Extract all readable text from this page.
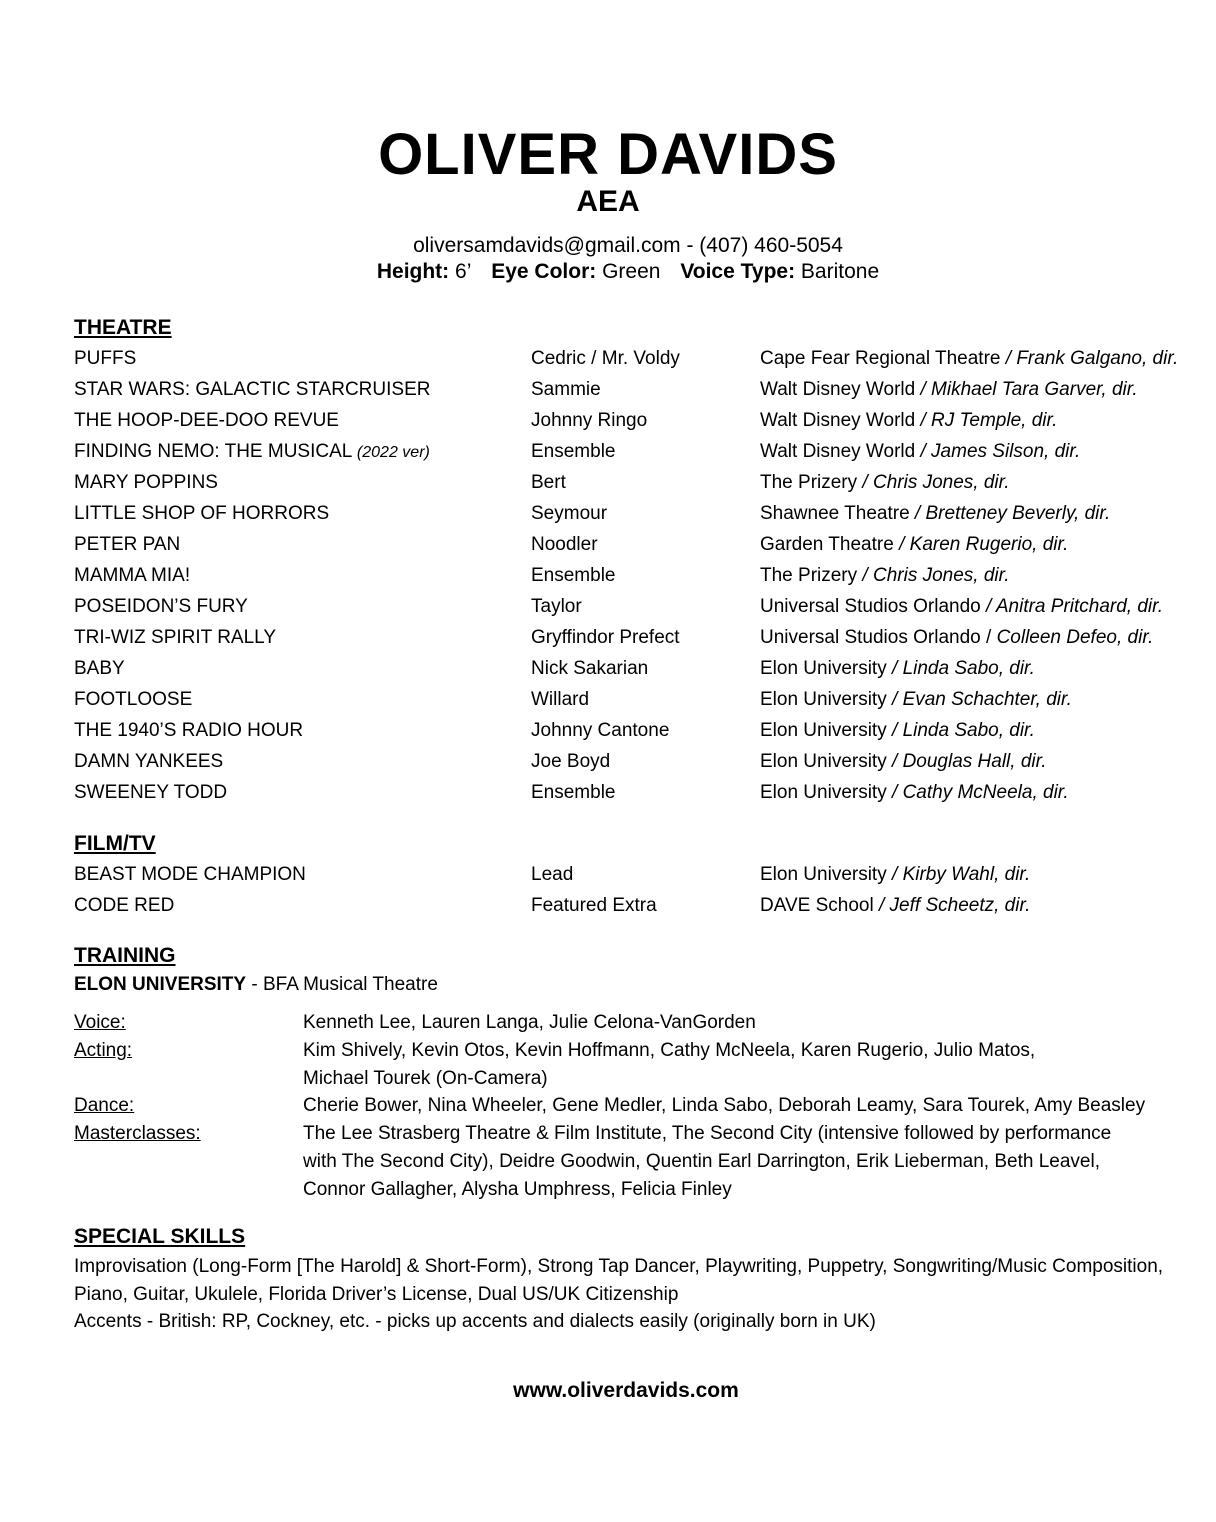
OLIVER DAVIDS
AEA
oliversamdavids@gmail.com - (407) 460-5054
Height: 6’ Eye Color: Green Voice Type: Baritone
THEATRE
PUFFS	Cedric / Mr. Voldy	Cape Fear Regional Theatre / Frank Galgano, dir.
STAR WARS: GALACTIC STARCRUISER	Sammie	Walt Disney World / Mikhael Tara Garver, dir.
THE HOOP-DEE-DOO REVUE	Johnny Ringo	Walt Disney World / RJ Temple, dir.
FINDING NEMO: THE MUSICAL (2022 ver)	Ensemble	Walt Disney World / James Silson, dir.
MARY POPPINS	Bert	The Prizery / Chris Jones, dir.
LITTLE SHOP OF HORRORS	Seymour	Shawnee Theatre / Bretteney Beverly, dir.
PETER PAN	Noodler	Garden Theatre / Karen Rugerio, dir.
MAMMA MIA!	Ensemble	The Prizery / Chris Jones, dir.
POSEIDON’S FURY	Taylor	Universal Studios Orlando / Anitra Pritchard, dir.
TRI-WIZ SPIRIT RALLY	Gryffindor Prefect	Universal Studios Orlando / Colleen Defeo, dir.
BABY	Nick Sakarian	Elon University / Linda Sabo, dir.
FOOTLOOSE	Willard	Elon University / Evan Schachter, dir.
THE 1940’S RADIO HOUR	Johnny Cantone	Elon University / Linda Sabo, dir.
DAMN YANKEES	Joe Boyd	Elon University / Douglas Hall, dir.
SWEENEY TODD	Ensemble	Elon University / Cathy McNeela, dir.
FILM/TV
BEAST MODE CHAMPION	Lead	Elon University / Kirby Wahl, dir.
CODE RED	Featured Extra	DAVE School / Jeff Scheetz, dir.
TRAINING
ELON UNIVERSITY - BFA Musical Theatre
Voice:	Kenneth Lee, Lauren Langa, Julie Celona-VanGorden
Acting:	Kim Shively, Kevin Otos, Kevin Hoffmann, Cathy McNeela, Karen Rugerio, Julio Matos,
Michael Tourek (On-Camera)
Dance:	Cherie Bower, Nina Wheeler, Gene Medler, Linda Sabo, Deborah Leamy, Sara Tourek, Amy Beasley
Masterclasses:	The Lee Strasberg Theatre & Film Institute, The Second City (intensive followed by performance
with The Second City), Deidre Goodwin, Quentin Earl Darrington, Erik Lieberman, Beth Leavel,
Connor Gallagher, Alysha Umphress, Felicia Finley
SPECIAL SKILLS
Improvisation (Long-Form [The Harold] & Short-Form), Strong Tap Dancer, Playwriting, Puppetry, Songwriting/Music Composition,
Piano, Guitar, Ukulele, Florida Driver’s License, Dual US/UK Citizenship
Accents - British: RP, Cockney, etc. - picks up accents and dialects easily (originally born in UK)
www.oliverdavids.com
